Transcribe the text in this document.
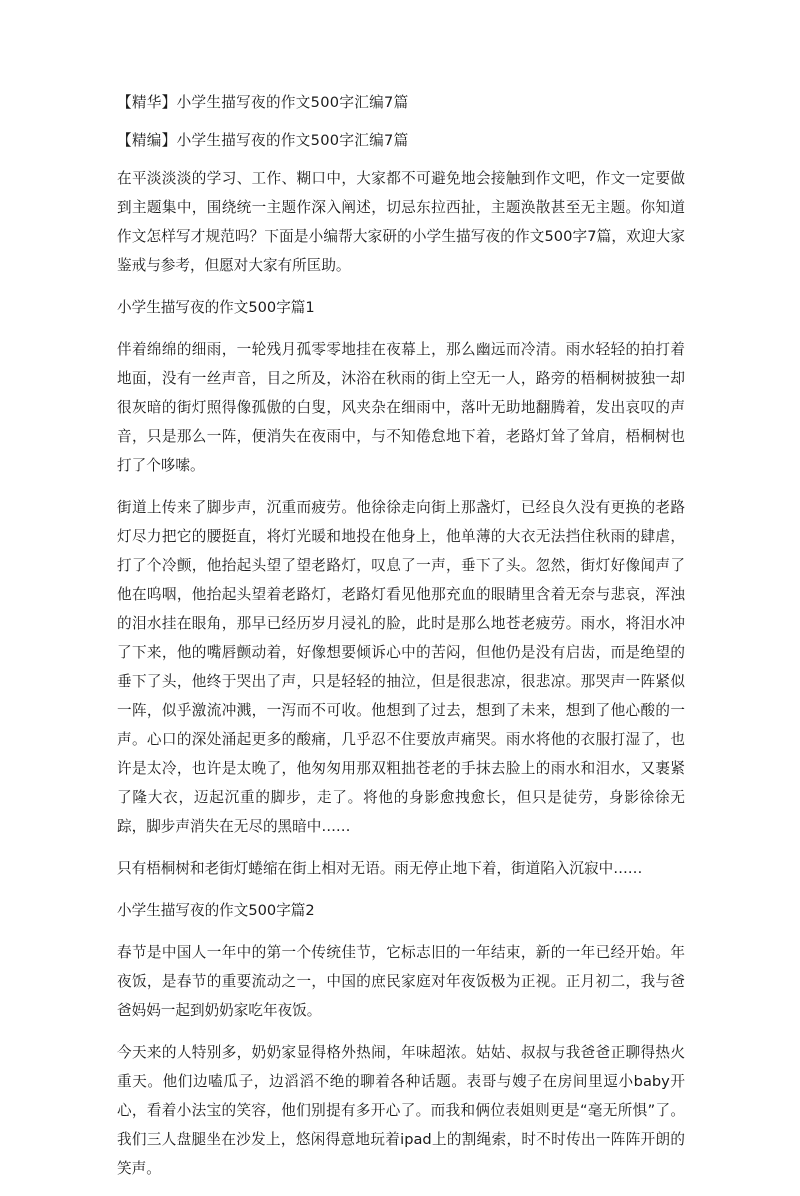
【精华】小学生描写夜的作文500字汇编7篇
【精编】小学生描写夜的作文500字汇编7篇

在平淡淡淡的学习、工作、糊口中，大家都不可避免地会接触到作文吧，作文一定要做到主题集中，围绕统一主题作深入阐述，切忌东拉西扯，主题涣散甚至无主题。你知道作文怎样写才规范吗？下面是小编帮大家研的小学生描写夜的作文500字7篇，欢迎大家鉴戒与参考，但愿对大家有所匡助。

小学生描写夜的作文500字篇1

伴着绵绵的细雨，一轮残月孤零零地挂在夜幕上，那么幽远而冷清。雨水轻轻的拍打着地面，没有一丝声音，目之所及，沐浴在秋雨的街上空无一人，路旁的梧桐树披独一却很灰暗的街灯照得像孤傲的白叟，风夹杂在细雨中，落叶无助地翻腾着，发出哀叹的声音，只是那么一阵，便消失在夜雨中，与不知倦怠地下着，老路灯耸了耸肩，梧桐树也打了个哆嗦。

街道上传来了脚步声，沉重而疲劳。他徐徐走向街上那盏灯，已经良久没有更换的老路灯尽力把它的腰挺直，将灯光暖和地投在他身上，他单薄的大衣无法挡住秋雨的肆虐，打了个冷颤，他抬起头望了望老路灯，叹息了一声，垂下了头。忽然，街灯好像闻声了他在呜咽，他抬起头望着老路灯，老路灯看见他那充血的眼睛里含着无奈与悲哀，浑浊的泪水挂在眼角，那早已经历岁月浸礼的脸，此时是那么地苍老疲劳。雨水，将泪水冲了下来，他的嘴唇颤动着，好像想要倾诉心中的苦闷，但他仍是没有启齿，而是绝望的垂下了头，他终于哭出了声，只是轻轻的抽泣，但是很悲凉，很悲凉。那哭声一阵紧似一阵，似乎激流冲溅，一泻而不可收。他想到了过去，想到了未来，想到了他心酸的一声。心口的深处涌起更多的酸痛，几乎忍不住要放声痛哭。雨水将他的衣服打湿了，也许是太冷，也许是太晚了，他匆匆用那双粗拙苍老的手抹去脸上的雨水和泪水，又裹紧了隆大衣，迈起沉重的脚步，走了。将他的身影愈拽愈长，但只是徒劳，身影徐徐无踪，脚步声消失在无尽的黑暗中……

只有梧桐树和老街灯蜷缩在街上相对无语。雨无停止地下着，街道陷入沉寂中……

小学生描写夜的作文500字篇2

春节是中国人一年中的第一个传统佳节，它标志旧的一年结束，新的一年已经开始。年夜饭，是春节的重要流动之一，中国的庶民家庭对年夜饭极为正视。正月初二，我与爸爸妈妈一起到奶奶家吃年夜饭。

今天来的人特别多，奶奶家显得格外热闹，年味超浓。姑姑、叔叔与我爸爸正聊得热火重天。他们边嗑瓜子，边滔滔不绝的聊着各种话题。表哥与嫂子在房间里逗小baby开心，看着小法宝的笑容，他们别提有多开心了。而我和俩位表姐则更是“毫无所惧”了。我们三人盘腿坐在沙发上，悠闲得意地玩着ipad上的割绳索，时不时传出一阵阵开朗的笑声。
